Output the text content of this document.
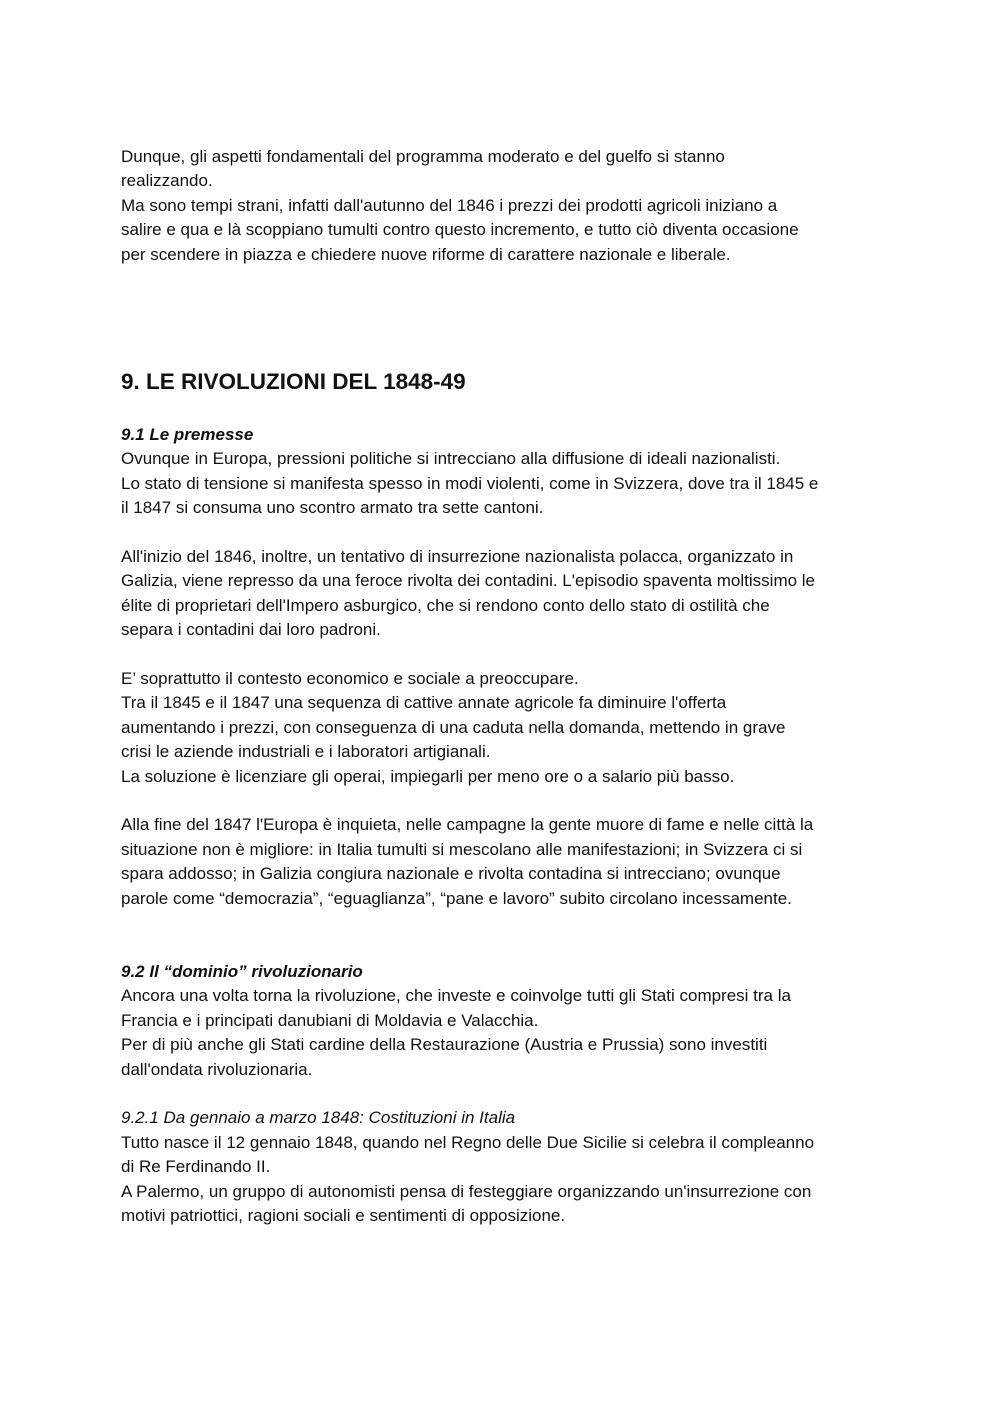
Dunque, gli aspetti fondamentali del programma moderato e del guelfo si stanno
realizzando.
Ma sono tempi strani, infatti dall'autunno del 1846 i prezzi dei prodotti agricoli iniziano a
salire e qua e là scoppiano tumulti contro questo incremento, e tutto ciò diventa occasione
per scendere in piazza e chiedere nuove riforme di carattere nazionale e liberale.

9. LE RIVOLUZIONI DEL 1848-49
9.1 Le premesse

Ovunque in Europa, pressioni politiche si intrecciano alla diffusione di ideali nazionalisti.
Lo stato di tensione si manifesta spesso in modi violenti, come in Svizzera, dove tra il 1845 e
il 1847 si consuma uno scontro armato tra sette cantoni.

All'inizio del 1846, inoltre, un tentativo di insurrezione nazionalista polacca, organizzato in
Galizia, viene represso da una feroce rivolta dei contadini. L'episodio spaventa moltissimo le
élite di proprietari dell'Impero asburgico, che si rendono conto dello stato di ostilità che
separa i contadini dai loro padroni.

E’ soprattutto il contesto economico e sociale a preoccupare.
Tra il 1845 e il 1847 una sequenza di cattive annate agricole fa diminuire l'offerta
aumentando i prezzi, con conseguenza di una caduta nella domanda, mettendo in grave
crisi le aziende industriali e i laboratori artigianali.
La soluzione è licenziare gli operai, impiegarli per meno ore o a salario più basso.

Alla fine del 1847 l'Europa è inquieta, nelle campagne la gente muore di fame e nelle città la
situazione non è migliore: in Italia tumulti si mescolano alle manifestazioni; in Svizzera ci si
spara addosso; in Galizia congiura nazionale e rivolta contadina si intrecciano; ovunque
parole come “democrazia”, “eguaglianza”, “pane e lavoro” subito circolano incessamente.

9.2 Il “dominio” rivoluzionario

Ancora una volta torna la rivoluzione, che investe e coinvolge tutti gli Stati compresi tra la
Francia e i principati danubiani di Moldavia e Valacchia.
Per di più anche gli Stati cardine della Restaurazione (Austria e Prussia) sono investiti
dall'ondata rivoluzionaria.

9.2.1 Da gennaio a marzo 1848: Costituzioni in Italia

Tutto nasce il 12 gennaio 1848, quando nel Regno delle Due Sicilie si celebra il compleanno
di Re Ferdinando II.
A Palermo, un gruppo di autonomisti pensa di festeggiare organizzando un'insurrezione con
motivi patriottici, ragioni sociali e sentimenti di opposizione.
